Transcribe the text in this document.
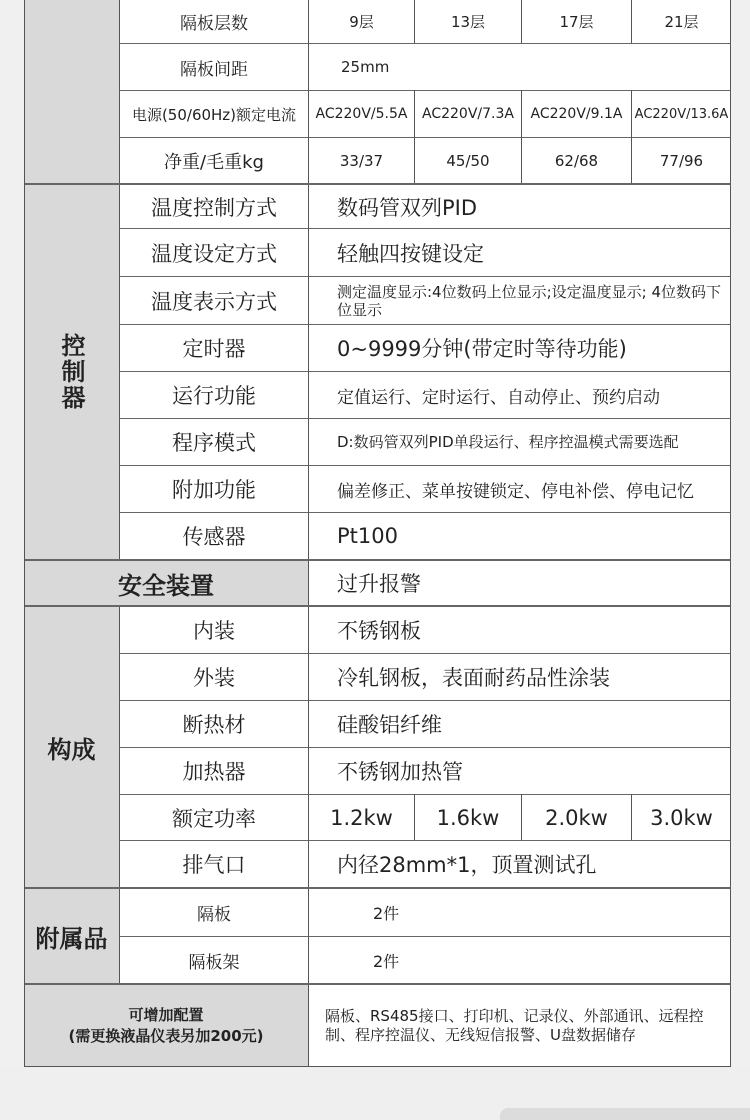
隔板层数	9层	13层	17层	21层
隔板间距	25mm
电源(50/60Hz)额定电流	AC220V/5.5A	AC220V/7.3A	AC220V/9.1A AC220V/13.6A
净重/毛重kg	33/37	45/50	62/68	77/96
控制器
温度控制方式	数码管双列PID
温度设定方式	轻触四按键设定
温度表示方式	测定温度显示:4位数码上位显示;设定温度显示; 4位数码下位显示
定时器	0~9999分钟(带定时等待功能)
运行功能	定值运行、定时运行、自动停止、预约启动
程序模式	D:数码管双列PID单段运行、程序控温模式需要选配
附加功能	偏差修正、菜单按键锁定、停电补偿、停电记忆
传感器	Pt100
安全装置	过升报警
构成
内装	不锈钢板
外装	冷轧钢板，表面耐药品性涂装
断热材	硅酸铝纤维
加热器	不锈钢加热管
额定功率	1.2kw	1.6kw	2.0kw	3.0kw
排气口	内径28mm*1，顶置测试孔
附属品
隔板	2件
隔板架	2件
可增加配置
(需更换液晶仪表另加200元)
隔板、RS485接口、打印机、记录仪、外部通讯、远程控制、程序控温仪、无线短信报警、U盘数据储存
